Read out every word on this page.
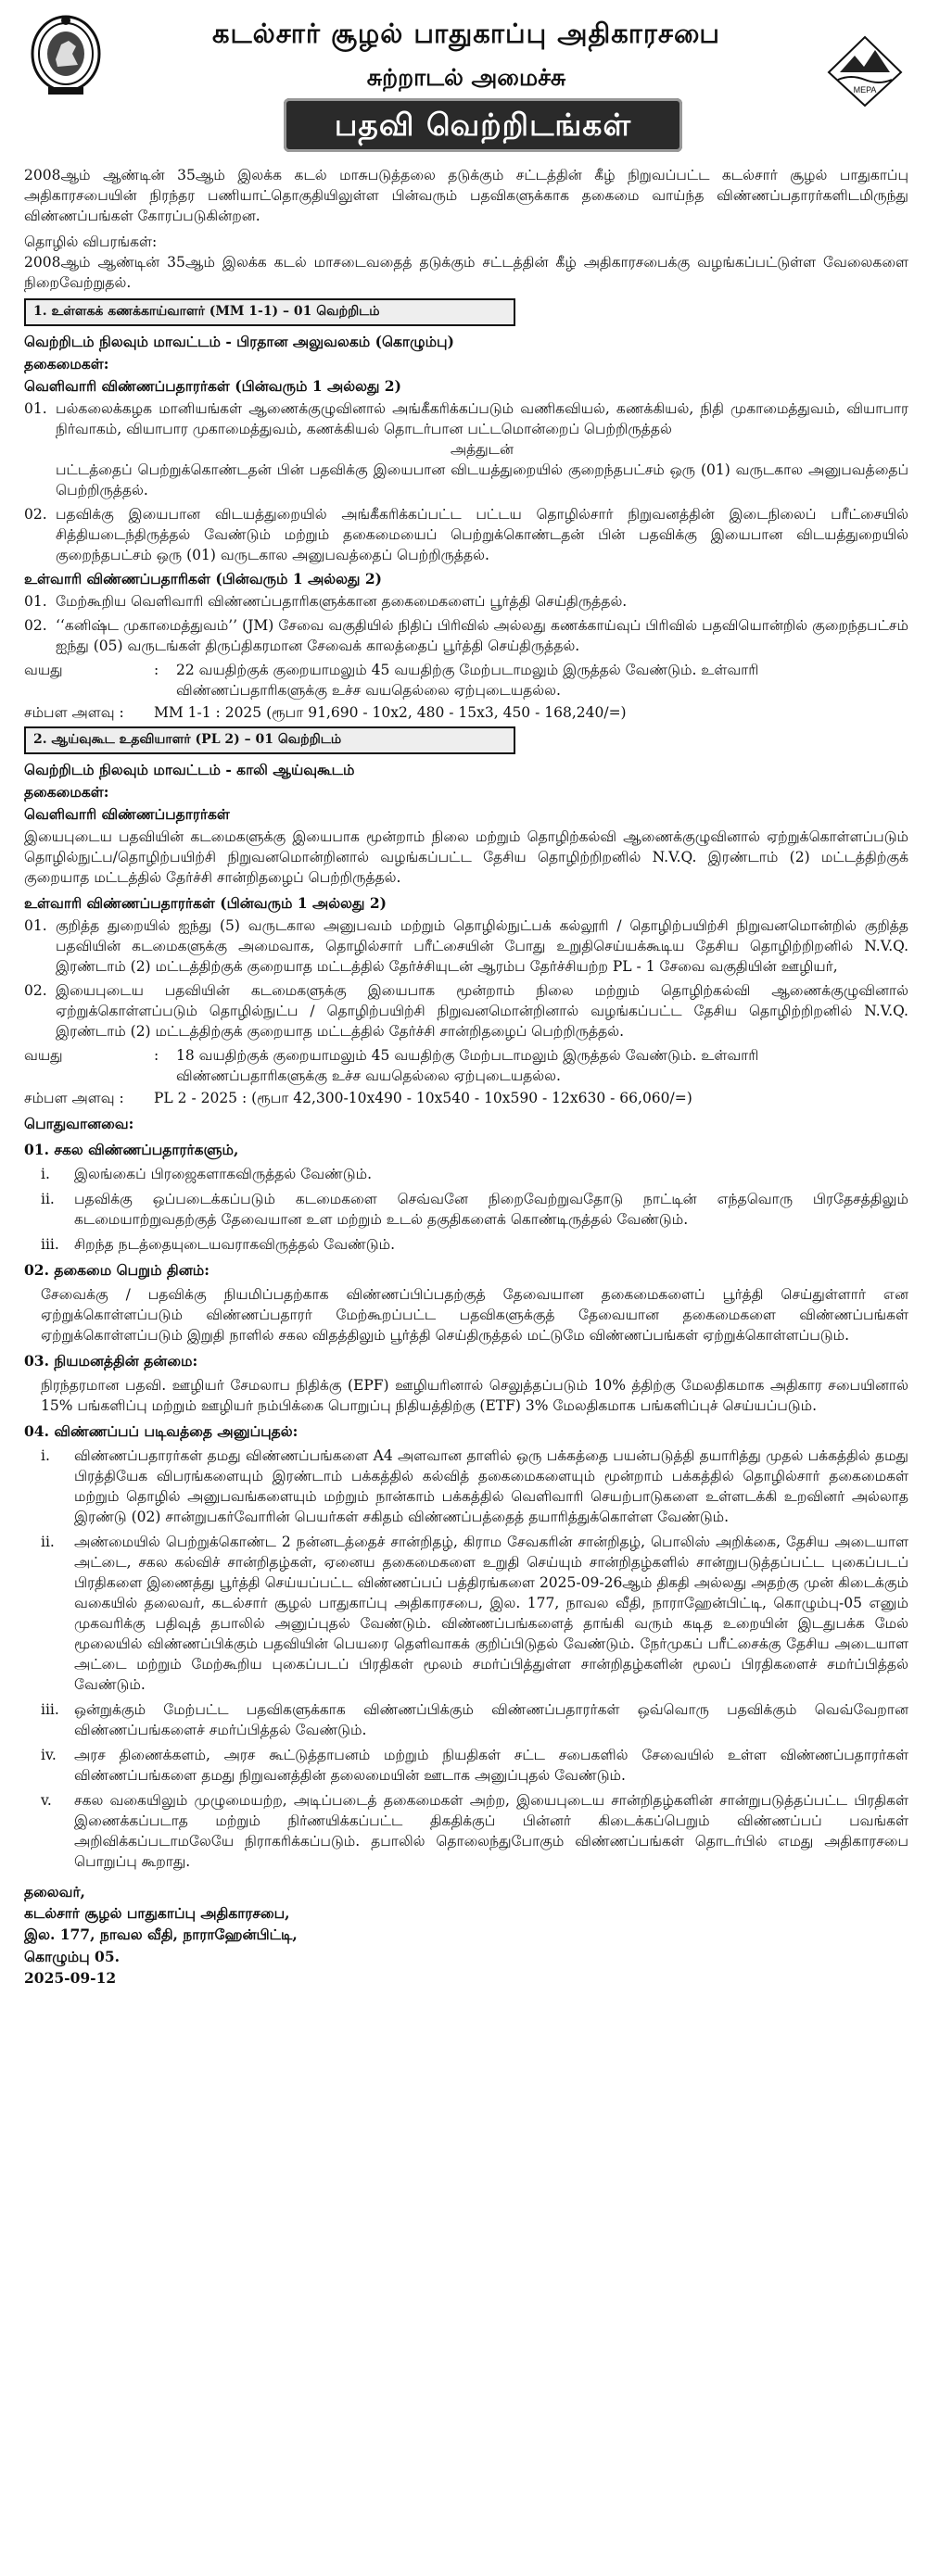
கடல்சார் சூழல் பாதுகாப்பு அதிகாரசபை
சுற்றாடல் அமைச்சு
பதவி வெற்றிடங்கள்
MEPA

2008ஆம் ஆண்டின் 35ஆம் இலக்க கடல் மாசுபடுத்தலை தடுக்கும் சட்டத்தின் கீழ் நிறுவப்பட்ட கடல்சார் சூழல் பாதுகாப்பு அதிகாரசபையின் நிரந்தர பணியாட்தொகுதியிலுள்ள பின்வரும் பதவிகளுக்காக தகைமை வாய்ந்த விண்ணப்பதாரர்களிடமிருந்து விண்ணப்பங்கள் கோரப்படுகின்றன.

தொழில் விபரங்கள்:

2008ஆம் ஆண்டின் 35ஆம் இலக்க கடல் மாசடைவதைத் தடுக்கும் சட்டத்தின் கீழ் அதிகாரசபைக்கு வழங்கப்பட்டுள்ள வேலைகளை நிறைவேற்றுதல்.

1. உள்ளகக் கணக்காய்வாளர் (MM 1-1) – 01 வெற்றிடம்

வெற்றிடம் நிலவும் மாவட்டம் - பிரதான அலுவலகம் (கொழும்பு)

தகைமைகள்:

வெளிவாரி விண்ணப்பதாரர்கள் (பின்வரும் 1 அல்லது 2)

01. பல்கலைக்கழக மானியங்கள் ஆணைக்குழுவினால் அங்கீகரிக்கப்படும் வணிகவியல், கணக்கியல், நிதி முகாமைத்துவம், வியாபார நிர்வாகம், வியாபார முகாமைத்துவம், கணக்கியல் தொடர்பான பட்டமொன்றைப் பெற்றிருத்தல்

அத்துடன்

பட்டத்தைப் பெற்றுக்கொண்டதன் பின் பதவிக்கு இயைபான விடயத்துறையில் குறைந்தபட்சம் ஒரு (01) வருடகால அனுபவத்தைப் பெற்றிருத்தல்.

02. பதவிக்கு இயைபான விடயத்துறையில் அங்கீகரிக்கப்பட்ட பட்டய தொழில்சார் நிறுவனத்தின் இடைநிலைப் பரீட்சையில் சித்தியடைந்திருத்தல் வேண்டும் மற்றும் தகைமையைப் பெற்றுக்கொண்டதன் பின் பதவிக்கு இயைபான விடயத்துறையில் குறைந்தபட்சம் ஒரு (01) வருடகால அனுபவத்தைப் பெற்றிருத்தல்.

உள்வாரி விண்ணப்பதாரிகள் (பின்வரும் 1 அல்லது 2)

01. மேற்கூறிய வெளிவாரி விண்ணப்பதாரிகளுக்கான தகைமைகளைப் பூர்த்தி செய்திருத்தல்.

02. ‘‘கனிஷ்ட முகாமைத்துவம்’’ (JM) சேவை வகுதியில் நிதிப் பிரிவில் அல்லது கணக்காய்வுப் பிரிவில் பதவியொன்றில் குறைந்தபட்சம் ஐந்து (05) வருடங்கள் திருப்திகரமான சேவைக் காலத்தைப் பூர்த்தி செய்திருத்தல்.

வயது	:	22 வயதிற்குக் குறையாமலும் 45 வயதிற்கு மேற்படாமலும் இருத்தல் வேண்டும். உள்வாரி விண்ணப்பதாரிகளுக்கு உச்ச வயதெல்லை ஏற்புடையதல்ல.
சம்பள அளவு :	MM 1-1 : 2025 (ரூபா 91,690 - 10x2, 480 - 15x3, 450 - 168,240/=)
2. ஆய்வுகூட உதவியாளர் (PL 2) – 01 வெற்றிடம்

வெற்றிடம் நிலவும் மாவட்டம் - காலி ஆய்வுகூடம்

தகைமைகள்:

வெளிவாரி விண்ணப்பதாரர்கள்

இயைபுடைய பதவியின் கடமைகளுக்கு இயைபாக மூன்றாம் நிலை மற்றும் தொழிற்கல்வி ஆணைக்குழுவினால் ஏற்றுக்கொள்ளப்படும் தொழில்நுட்ப/தொழிற்பயிற்சி நிறுவனமொன்றினால் வழங்கப்பட்ட தேசிய தொழிற்றிறனில் N.V.Q. இரண்டாம் (2) மட்டத்திற்குக் குறையாத மட்டத்தில் தேர்ச்சி சான்றிதழைப் பெற்றிருத்தல்.

உள்வாரி விண்ணப்பதாரர்கள் (பின்வரும் 1 அல்லது 2)

01. குறித்த துறையில் ஐந்து (5) வருடகால அனுபவம் மற்றும் தொழில்நுட்பக் கல்லூரி / தொழிற்பயிற்சி நிறுவனமொன்றில் குறித்த பதவியின் கடமைகளுக்கு அமைவாக, தொழில்சார் பரீட்சையின் போது உறுதிசெய்யக்கூடிய தேசிய தொழிற்றிறனில் N.V.Q. இரண்டாம் (2) மட்டத்திற்குக் குறையாத மட்டத்தில் தேர்ச்சியுடன் ஆரம்ப தேர்ச்சியற்ற PL - 1 சேவை வகுதியின் ஊழியர்,

02. இயைபுடைய பதவியின் கடமைகளுக்கு இயைபாக மூன்றாம் நிலை மற்றும் தொழிற்கல்வி ஆணைக்குழுவினால் ஏற்றுக்கொள்ளப்படும் தொழில்நுட்ப / தொழிற்பயிற்சி நிறுவனமொன்றினால் வழங்கப்பட்ட தேசிய தொழிற்றிறனில் N.V.Q. இரண்டாம் (2) மட்டத்திற்குக் குறையாத மட்டத்தில் தேர்ச்சி சான்றிதழைப் பெற்றிருத்தல்.

வயது	:	18 வயதிற்குக் குறையாமலும் 45 வயதிற்கு மேற்படாமலும் இருத்தல் வேண்டும். உள்வாரி விண்ணப்பதாரிகளுக்கு உச்ச வயதெல்லை ஏற்புடையதல்ல.
சம்பள அளவு :	PL 2 - 2025 : (ரூபா 42,300-10x490 - 10x540 - 10x590 - 12x630 - 66,060/=)

பொதுவானவை:

01. சகல விண்ணப்பதாரர்களும்,

i.	இலங்கைப் பிரஜைகளாகவிருத்தல் வேண்டும்.

ii.	பதவிக்கு ஒப்படைக்கப்படும் கடமைகளை செவ்வனே நிறைவேற்றுவதோடு நாட்டின் எந்தவொரு பிரதேசத்திலும் கடமையாற்றுவதற்குத் தேவையான உள மற்றும் உடல் தகுதிகளைக் கொண்டிருத்தல் வேண்டும்.

iii.	சிறந்த நடத்தையுடையவராகவிருத்தல் வேண்டும்.

02. தகைமை பெறும் தினம்:

சேவைக்கு / பதவிக்கு நியமிப்பதற்காக விண்ணப்பிப்பதற்குத் தேவையான தகைமைகளைப் பூர்த்தி செய்துள்ளார் என ஏற்றுக்கொள்ளப்படும் விண்ணப்பதாரர் மேற்கூறப்பட்ட பதவிகளுக்குத் தேவையான தகைமைகளை விண்ணப்பங்கள் ஏற்றுக்கொள்ளப்படும் இறுதி நாளில் சகல விதத்திலும் பூர்த்தி செய்திருத்தல் மட்டுமே விண்ணப்பங்கள் ஏற்றுக்கொள்ளப்படும்.

03. நியமனத்தின் தன்மை:

நிரந்தரமான பதவி. ஊழியர் சேமலாப நிதிக்கு (EPF) ஊழியரினால் செலுத்தப்படும் 10% த்திற்கு மேலதிகமாக அதிகார சபையினால் 15% பங்களிப்பு மற்றும் ஊழியர் நம்பிக்கை பொறுப்பு நிதியத்திற்கு (ETF) 3% மேலதிகமாக பங்களிப்புச் செய்யப்படும்.

04. விண்ணப்பப் படிவத்தை அனுப்புதல்:

i.	விண்ணப்பதாரர்கள் தமது விண்ணப்பங்களை A4 அளவான தாளில் ஒரு பக்கத்தை பயன்படுத்தி தயாரித்து முதல் பக்கத்தில் தமது பிரத்தியேக விபரங்களையும் இரண்டாம் பக்கத்தில் கல்வித் தகைமைகளையும் மூன்றாம் பக்கத்தில் தொழில்சார் தகைமைகள் மற்றும் தொழில் அனுபவங்களையும் மற்றும் நான்காம் பக்கத்தில் வெளிவாரி செயற்பாடுகளை உள்ளடக்கி உறவினர் அல்லாத இரண்டு (02) சான்றுபகர்வோரின் பெயர்கள் சகிதம் விண்ணப்பத்தைத் தயாரித்துக்கொள்ள வேண்டும்.

ii.	அண்மையில் பெற்றுக்கொண்ட 2 நன்னடத்தைச் சான்றிதழ், கிராம சேவகரின் சான்றிதழ், பொலிஸ் அறிக்கை, தேசிய அடையாள அட்டை, சகல கல்விச் சான்றிதழ்கள், ஏனைய தகைமைகளை உறுதி செய்யும் சான்றிதழ்களில் சான்றுபடுத்தப்பட்ட புகைப்படப் பிரதிகளை இணைத்து பூர்த்தி செய்யப்பட்ட விண்ணப்பப் பத்திரங்களை 2025-09-26ஆம் திகதி அல்லது அதற்கு முன் கிடைக்கும் வகையில் தலைவர், கடல்சார் சூழல் பாதுகாப்பு அதிகாரசபை, இல. 177, நாவல வீதி, நாராஹேன்பிட்டி, கொழும்பு-05 எனும் முகவரிக்கு பதிவுத் தபாலில் அனுப்புதல் வேண்டும். விண்ணப்பங்களைத் தாங்கி வரும் கடித உறையின் இடதுபக்க மேல் மூலையில் விண்ணப்பிக்கும் பதவியின் பெயரை தெளிவாகக் குறிப்பிடுதல் வேண்டும். நேர்முகப் பரீட்சைக்கு தேசிய அடையாள அட்டை மற்றும் மேற்கூறிய புகைப்படப் பிரதிகள் மூலம் சமர்ப்பித்துள்ள சான்றிதழ்களின் மூலப் பிரதிகளைச் சமர்ப்பித்தல் வேண்டும்.

iii.	ஒன்றுக்கும் மேற்பட்ட பதவிகளுக்காக விண்ணப்பிக்கும் விண்ணப்பதாரர்கள் ஒவ்வொரு பதவிக்கும் வெவ்வேறான விண்ணப்பங்களைச் சமர்ப்பித்தல் வேண்டும்.

iv.	அரச திணைக்களம், அரச கூட்டுத்தாபனம் மற்றும் நியதிகள் சட்ட சபைகளில் சேவையில் உள்ள விண்ணப்பதாரர்கள் விண்ணப்பங்களை தமது நிறுவனத்தின் தலைமையின் ஊடாக அனுப்புதல் வேண்டும்.

v.	சகல வகையிலும் முழுமையற்ற, அடிப்படைத் தகைமைகள் அற்ற, இயைபுடைய சான்றிதழ்களின் சான்றுபடுத்தப்பட்ட பிரதிகள் இணைக்கப்படாத மற்றும் நிர்ணயிக்கப்பட்ட திகதிக்குப் பின்னர் கிடைக்கப்பெறும் விண்ணப்பப் பவங்கள் அறிவிக்கப்படாமலேயே நிராகரிக்கப்படும். தபாலில் தொலைந்துபோகும் விண்ணப்பங்கள் தொடர்பில் எமது அதிகாரசபை பொறுப்பு கூறாது.

தலைவர்,

கடல்சார் சூழல் பாதுகாப்பு அதிகாரசபை,

இல. 177, நாவல வீதி, நாராஹேன்பிட்டி,

கொழும்பு 05.

2025-09-12
